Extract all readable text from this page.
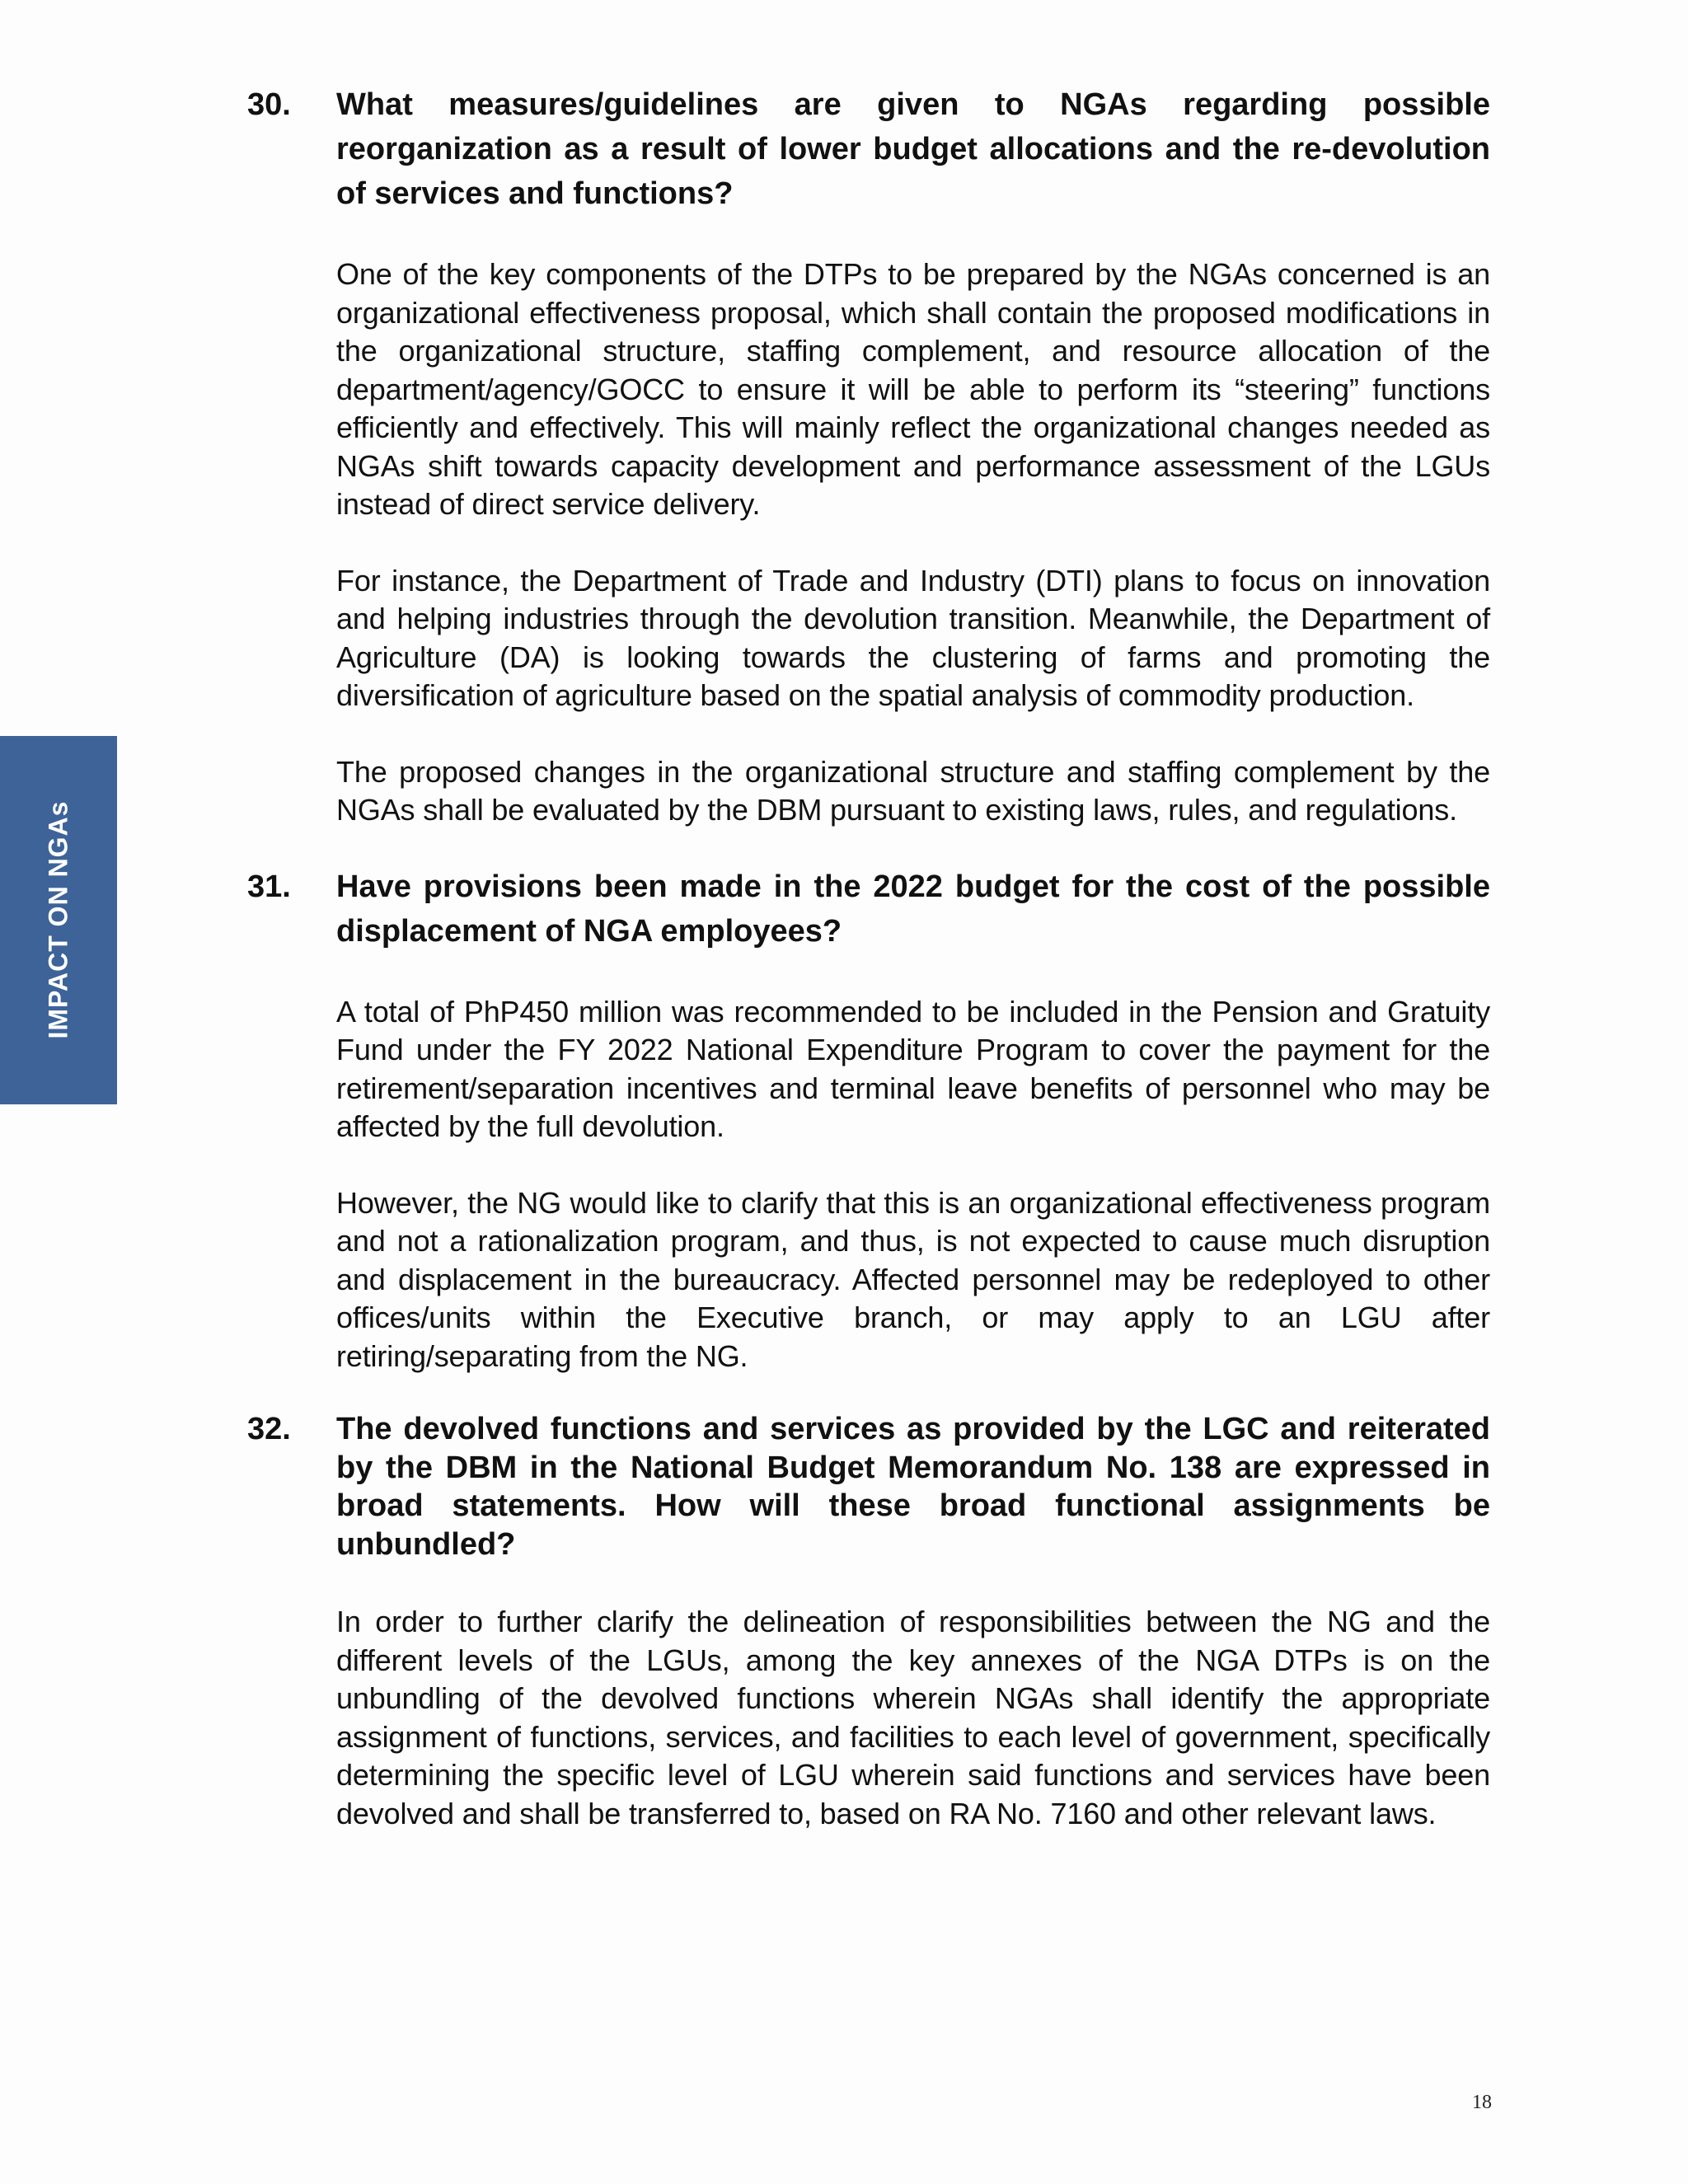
IMPACT ON NGAs
30.	What measures/guidelines are given to NGAs regarding possible reorganization as a result of lower budget allocations and the re-devolution of services and functions?

One of the key components of the DTPs to be prepared by the NGAs concerned is an organizational effectiveness proposal, which shall contain the proposed modifications in the organizational structure, staffing complement, and resource allocation of the department/agency/GOCC to ensure it will be able to perform its “steering” functions efficiently and effectively. This will mainly reflect the organizational changes needed as NGAs shift towards capacity development and performance assessment of the LGUs instead of direct service delivery.

For instance, the Department of Trade and Industry (DTI) plans to focus on innovation and helping industries through the devolution transition. Meanwhile, the Department of Agriculture (DA) is looking towards the clustering of farms and promoting the diversification of agriculture based on the spatial analysis of commodity production.

The proposed changes in the organizational structure and staffing complement by the NGAs shall be evaluated by the DBM pursuant to existing laws, rules, and regulations.

31.	Have provisions been made in the 2022 budget for the cost of the possible displacement of NGA employees?

A total of PhP450 million was recommended to be included in the Pension and Gratuity Fund under the FY 2022 National Expenditure Program to cover the payment for the retirement/separation incentives and terminal leave benefits of personnel who may be affected by the full devolution.

However, the NG would like to clarify that this is an organizational effectiveness program and not a rationalization program, and thus, is not expected to cause much disruption and displacement in the bureaucracy. Affected personnel may be redeployed to other offices/units within the Executive branch, or may apply to an LGU after retiring/separating from the NG.

32.	The devolved functions and services as provided by the LGC and reiterated by the DBM in the National Budget Memorandum No. 138 are expressed in broad statements. How will these broad functional assignments be unbundled?

In order to further clarify the delineation of responsibilities between the NG and the different levels of the LGUs, among the key annexes of the NGA DTPs is on the unbundling of the devolved functions wherein NGAs shall identify the appropriate assignment of functions, services, and facilities to each level of government, specifically determining the specific level of LGU wherein said functions and services have been devolved and shall be transferred to, based on RA No. 7160 and other relevant laws.

18
